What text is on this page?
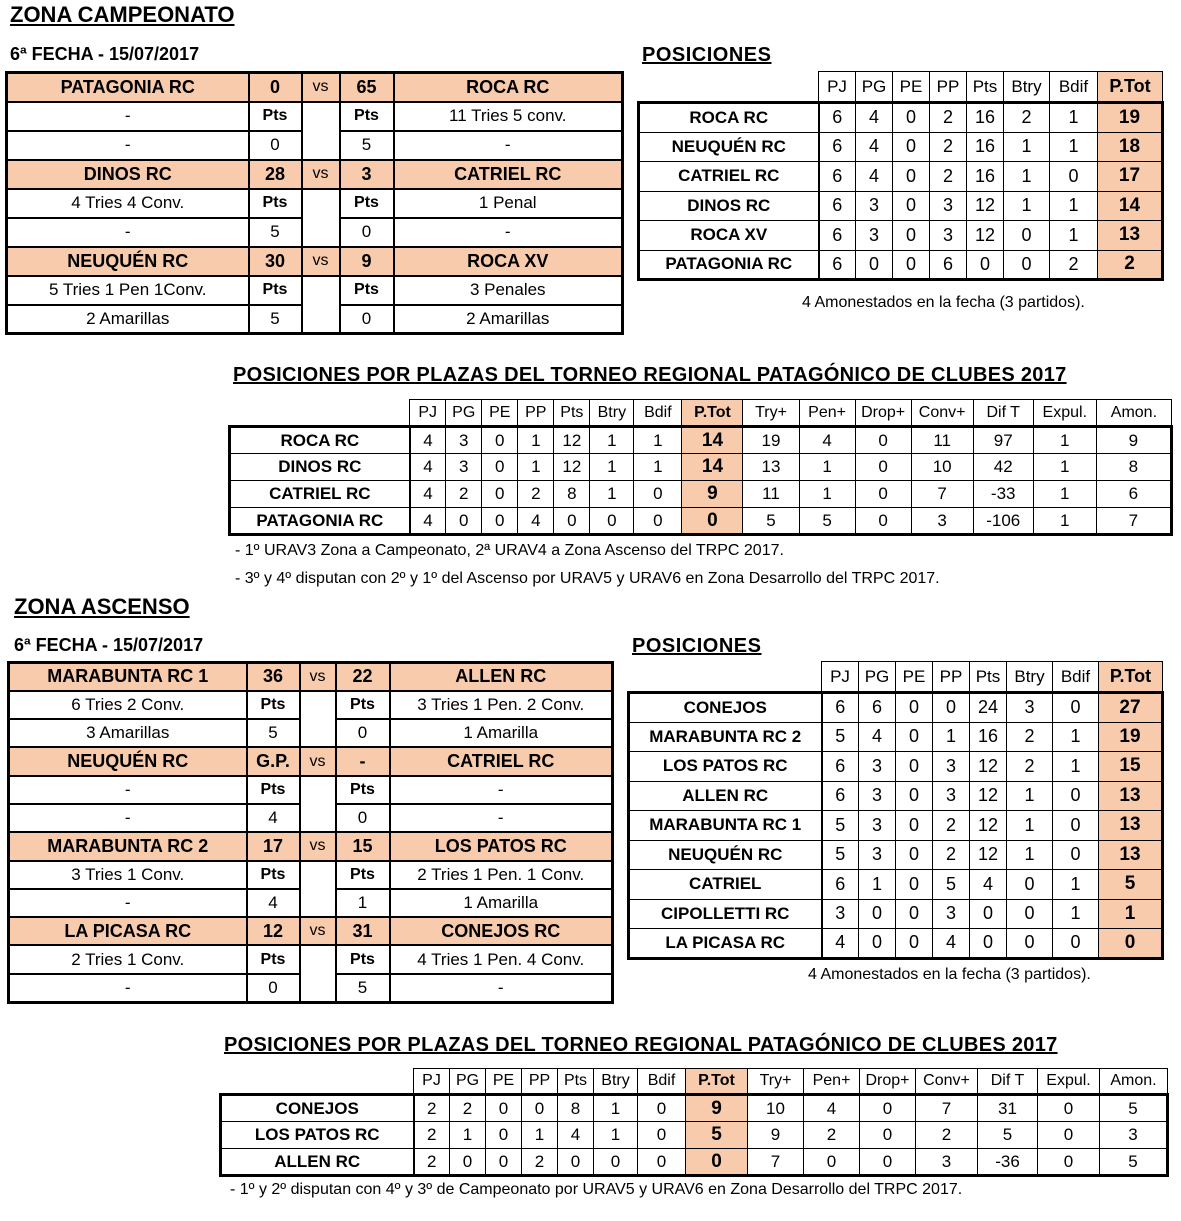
ZONA CAMPEONATO
6ª FECHA - 15/07/2017
PATAGONIA RC	0	vs	65	ROCA RC
-	Pts		Pts	11 Tries 5 conv.
-	0		5	-
DINOS RC	28	vs	3	CATRIEL RC
4 Tries 4 Conv.	Pts		Pts	1 Penal
-	5		0	-
NEUQUÉN RC	30	vs	9	ROCA XV
5 Tries 1 Pen 1Conv.	Pts		Pts	3 Penales
2 Amarillas	5		0	2 Amarillas
POSICIONES
	PJ	PG	PE	PP	Pts	Btry	Bdif	P.Tot
ROCA RC	6	4	0	2	16	2	1	19
NEUQUÉN RC	6	4	0	2	16	1	1	18
CATRIEL RC	6	4	0	2	16	1	0	17
DINOS RC	6	3	0	3	12	1	1	14
ROCA XV	6	3	0	3	12	0	1	13
PATAGONIA RC	6	0	0	6	0	0	2	2
4 Amonestados en la fecha (3 partidos).
POSICIONES POR PLAZAS DEL TORNEO REGIONAL PATAGÓNICO DE CLUBES 2017
	PJ	PG	PE	PP	Pts	Btry	Bdif	P.Tot	Try+	Pen+	Drop+	Conv+	Dif T	Expul.	Amon.
ROCA RC	4	3	0	1	12	1	1	14	19	4	0	11	97	1	9
DINOS RC	4	3	0	1	12	1	1	14	13	1	0	10	42	1	8
CATRIEL RC	4	2	0	2	8	1	0	9	11	1	0	7	-33	1	6
PATAGONIA RC	4	0	0	4	0	0	0	0	5	5	0	3	-106	1	7
- 1º URAV3 Zona a Campeonato, 2ª URAV4 a Zona Ascenso del TRPC 2017.
- 3º y 4º disputan con 2º y 1º del Ascenso por URAV5 y URAV6 en Zona Desarrollo del TRPC 2017.
ZONA ASCENSO
6ª FECHA - 15/07/2017
MARABUNTA RC 1	36	vs	22	ALLEN RC
6 Tries 2 Conv.	Pts		Pts	3 Tries 1 Pen. 2 Conv.
3 Amarillas	5		0	1 Amarilla
NEUQUÉN RC	G.P.	vs	-	CATRIEL RC
-	Pts		Pts	-
-	4		0	-
MARABUNTA RC 2	17	vs	15	LOS PATOS RC
3 Tries 1 Conv.	Pts		Pts	2 Tries 1 Pen. 1 Conv.
-	4		1	1 Amarilla
LA PICASA RC	12	vs	31	CONEJOS RC
2 Tries 1 Conv.	Pts		Pts	4 Tries 1 Pen. 4 Conv.
-	0		5	-
POSICIONES
	PJ	PG	PE	PP	Pts	Btry	Bdif	P.Tot
CONEJOS	6	6	0	0	24	3	0	27
MARABUNTA RC 2	5	4	0	1	16	2	1	19
LOS PATOS RC	6	3	0	3	12	2	1	15
ALLEN RC	6	3	0	3	12	1	0	13
MARABUNTA RC 1	5	3	0	2	12	1	0	13
NEUQUÉN RC	5	3	0	2	12	1	0	13
CATRIEL	6	1	0	5	4	0	1	5
CIPOLLETTI RC	3	0	0	3	0	0	1	1
LA PICASA RC	4	0	0	4	0	0	0	0
4 Amonestados en la fecha (3 partidos).
POSICIONES POR PLAZAS DEL TORNEO REGIONAL PATAGÓNICO DE CLUBES 2017
	PJ	PG	PE	PP	Pts	Btry	Bdif	P.Tot	Try+	Pen+	Drop+	Conv+	Dif T	Expul.	Amon.
CONEJOS	2	2	0	0	8	1	0	9	10	4	0	7	31	0	5
LOS PATOS RC	2	1	0	1	4	1	0	5	9	2	0	2	5	0	3
ALLEN RC	2	0	0	2	0	0	0	0	7	0	0	3	-36	0	5
- 1º y 2º disputan con 4º y 3º de Campeonato por URAV5 y URAV6 en Zona Desarrollo del TRPC 2017.
